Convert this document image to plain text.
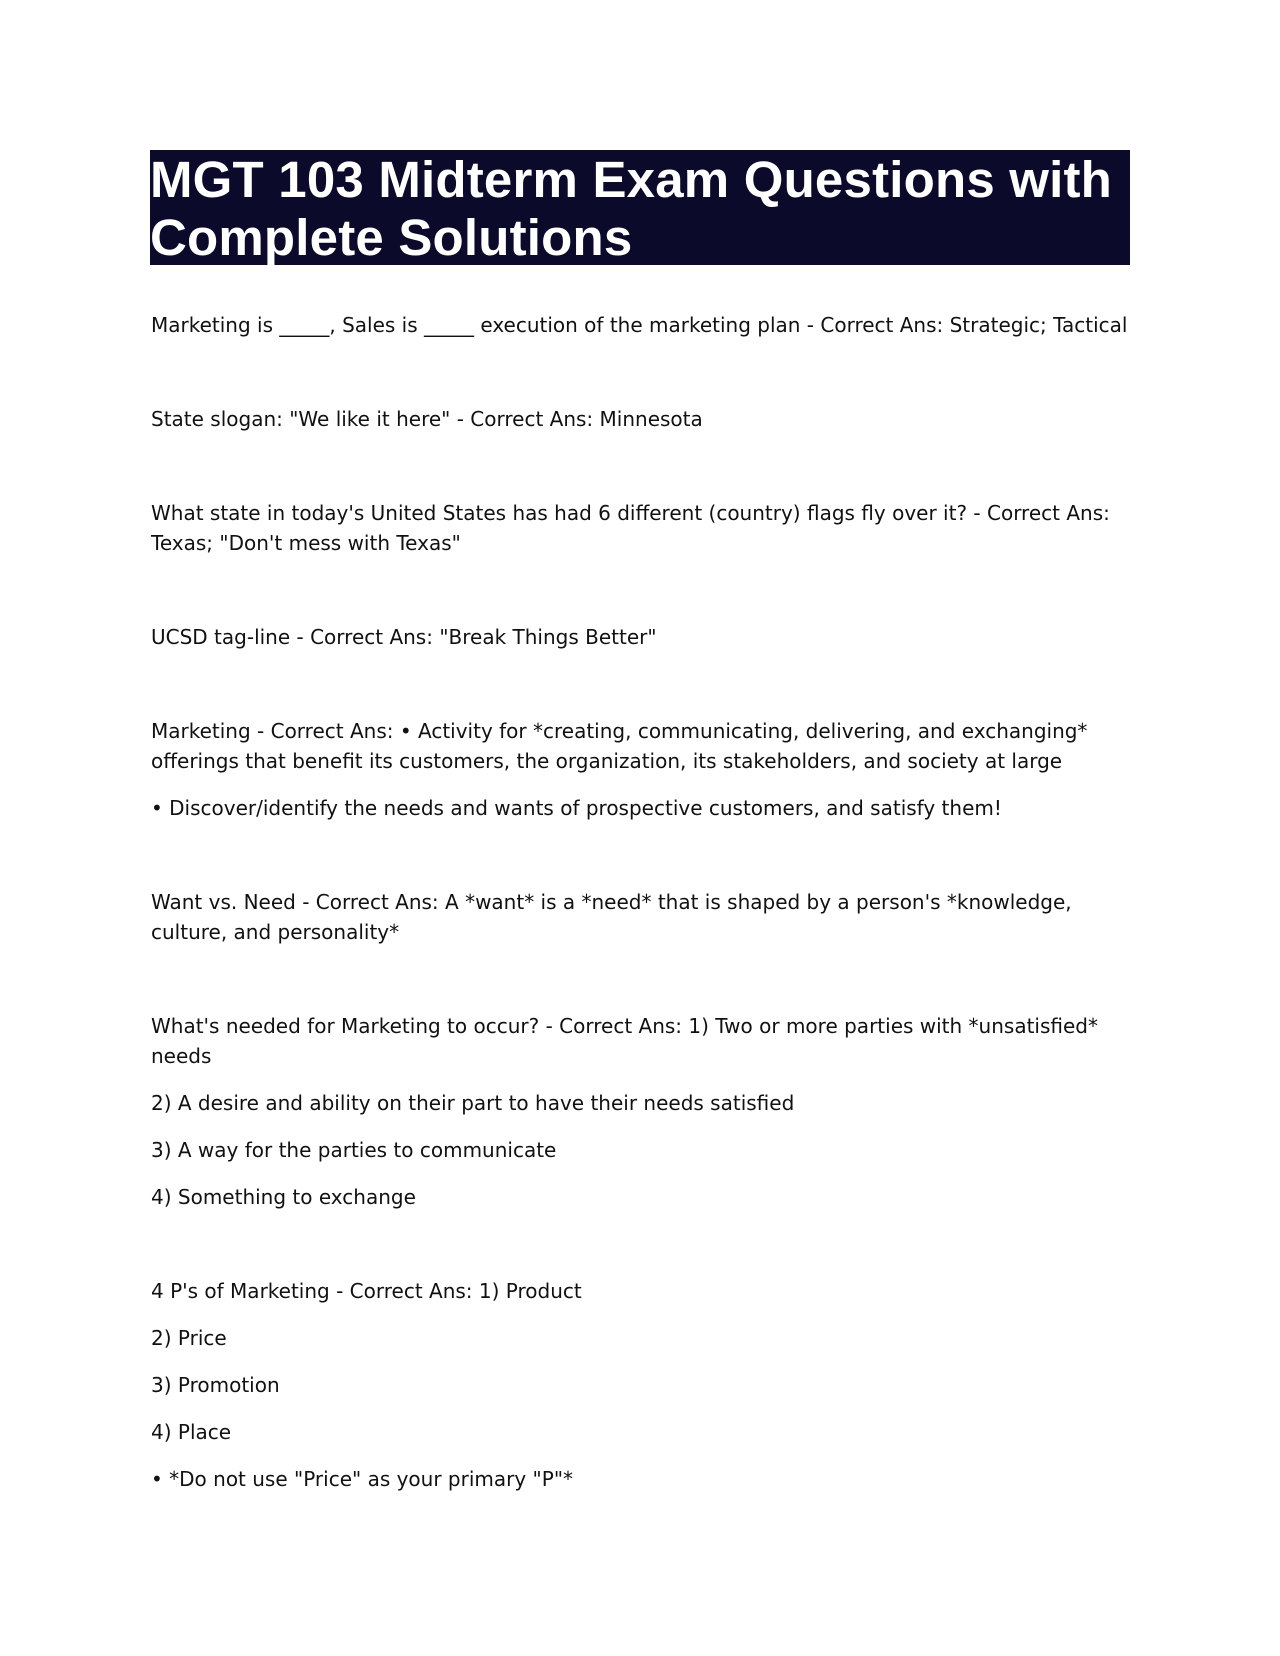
MGT 103 Midterm Exam Questions with
Complete Solutions

Marketing is _____, Sales is _____ execution of the marketing plan - Correct Ans: Strategic; Tactical

State slogan: "We like it here" - Correct Ans: Minnesota

What state in today's United States has had 6 different (country) flags fly over it? - Correct Ans: Texas; "Don't mess with Texas"

UCSD tag-line - Correct Ans: "Break Things Better"

Marketing - Correct Ans: • Activity for *creating, communicating, delivering, and exchanging* offerings that benefit its customers, the organization, its stakeholders, and society at large

• Discover/identify the needs and wants of prospective customers, and satisfy them!

Want vs. Need - Correct Ans: A *want* is a *need* that is shaped by a person's *knowledge, culture, and personality*

What's needed for Marketing to occur? - Correct Ans: 1) Two or more parties with *unsatisfied* needs

2) A desire and ability on their part to have their needs satisfied

3) A way for the parties to communicate

4) Something to exchange

4 P's of Marketing - Correct Ans: 1) Product

2) Price

3) Promotion

4) Place

• *Do not use "Price" as your primary "P"*
